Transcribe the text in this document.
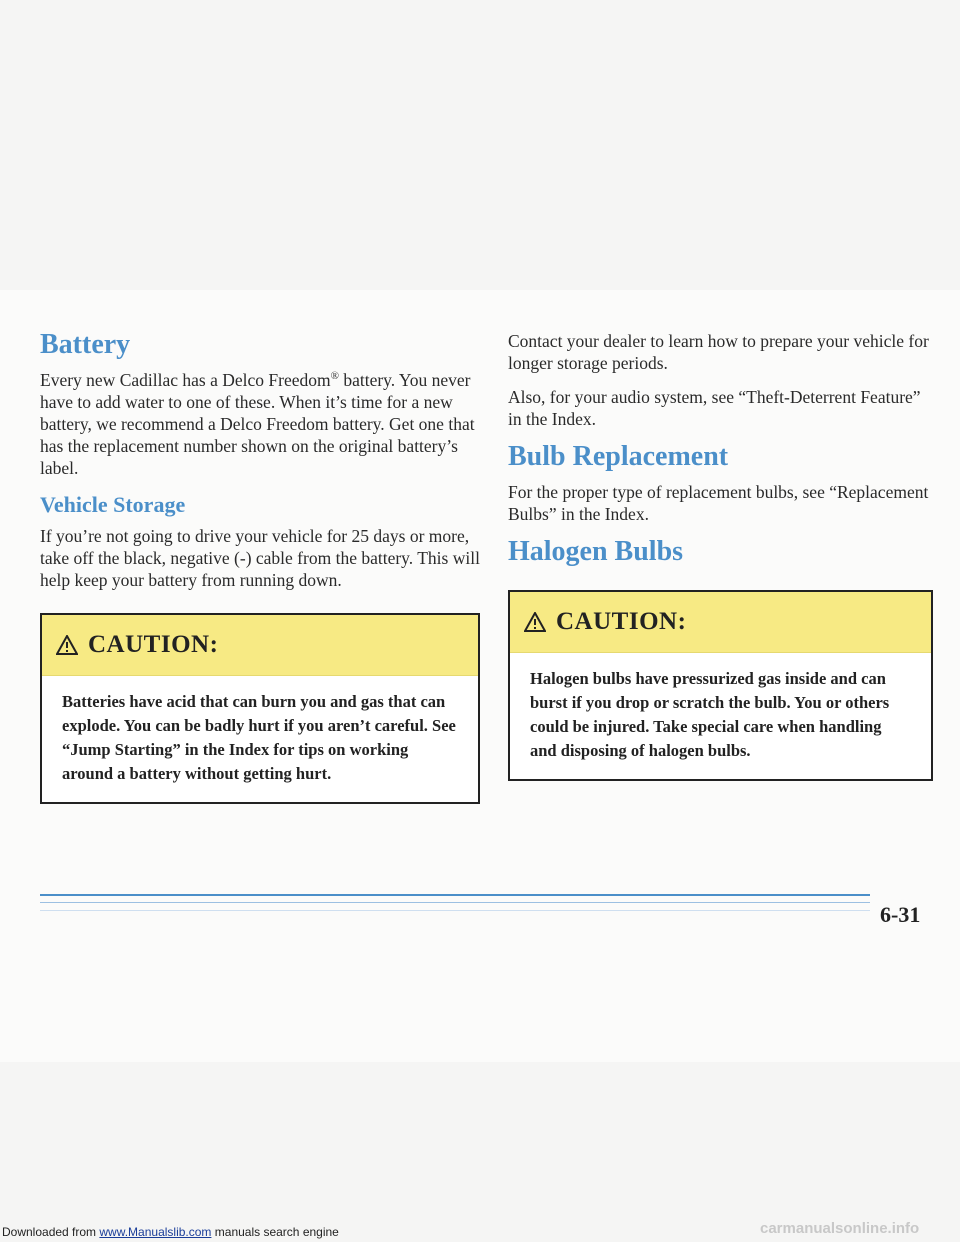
Battery

Every new Cadillac has a Delco Freedom® battery. You never have to add water to one of these. When it’s time for a new battery, we recommend a Delco Freedom battery. Get one that has the replacement number shown on the original battery’s label.

Vehicle Storage

If you’re not going to drive your vehicle for 25 days or more, take off the black, negative (-) cable from the battery. This will help keep your battery from running down.

CAUTION:
Batteries have acid that can burn you and gas that can explode. You can be badly hurt if you aren’t careful. See “Jump Starting” in the Index for tips on working around a battery without getting hurt.

Contact your dealer to learn how to prepare your vehicle for longer storage periods.

Also, for your audio system, see “Theft-Deterrent Feature” in the Index.

Bulb Replacement

For the proper type of replacement bulbs, see “Replacement Bulbs” in the Index.

Halogen Bulbs
CAUTION:
Halogen bulbs have pressurized gas inside and can burst if you drop or scratch the bulb. You or others could be injured. Take special care when handling and disposing of halogen bulbs.
6-31
Downloaded from www.Manualslib.com manuals search engine	carmanualsonline.info
